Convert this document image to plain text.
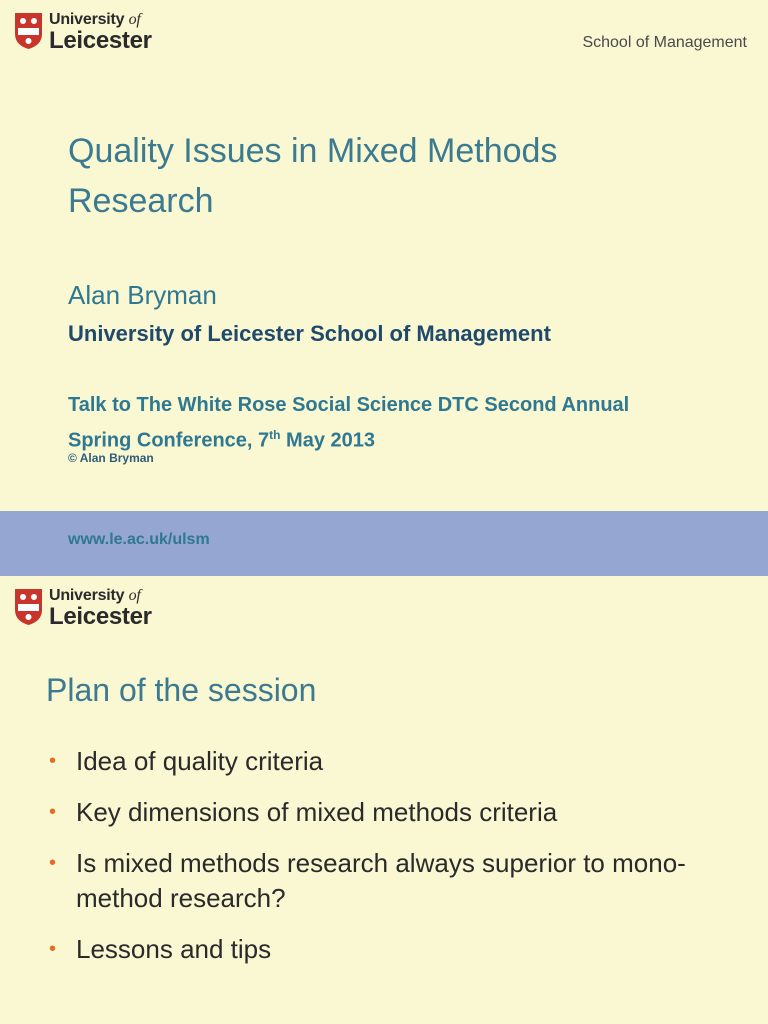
University of
Leicester	School of Management
Quality Issues in Mixed Methods
Research
Alan Bryman
University of Leicester School of Management
Talk to The White Rose Social Science DTC Second Annual
Spring Conference, 7th May 2013
© Alan Bryman
www.le.ac.uk/ulsm
University of
Leicester
Plan of the session
• Idea of quality criteria
• Key dimensions of mixed methods criteria
• Is mixed methods research always superior to mono-method research?
• Lessons and tips
